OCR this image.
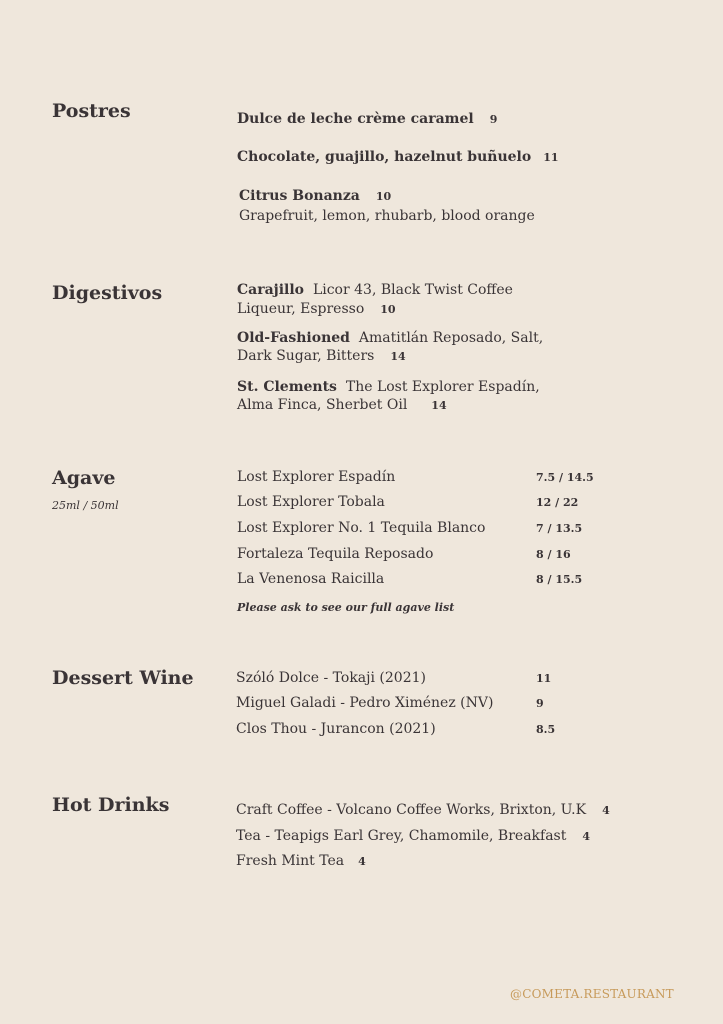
Postres	Dulce de leche crème caramel 9
Chocolate, guajillo, hazelnut buñuelo 11
Citrus Bonanza 10
Grapefruit, lemon, rhubarb, blood orange
Digestivos	Carajillo Licor 43, Black Twist Coffee
Liqueur, Espresso 10
Old-Fashioned Amatitlán Reposado, Salt,
Dark Sugar, Bitters 14
St. Clements The Lost Explorer Espadín,
Alma Finca, Sherbet Oil 14
Agave
25ml / 50ml
Lost Explorer Espadín	7.5 / 14.5
Lost Explorer Tobala	12 / 22
Lost Explorer No. 1 Tequila Blanco	7 / 13.5
Fortaleza Tequila Reposado	8 / 16
La Venenosa Raicilla	8 / 15.5
Please ask to see our full agave list
Dessert Wine	Szóló Dolce - Tokaji (2021)	11
Miguel Galadi - Pedro Ximénez (NV)	9
Clos Thou - Jurancon (2021)	8.5
Hot Drinks	Craft Coffee - Volcano Coffee Works, Brixton, U.K 4
Tea - Teapigs Earl Grey, Chamomile, Breakfast 4
Fresh Mint Tea 4
@COMETA.RESTAURANT
